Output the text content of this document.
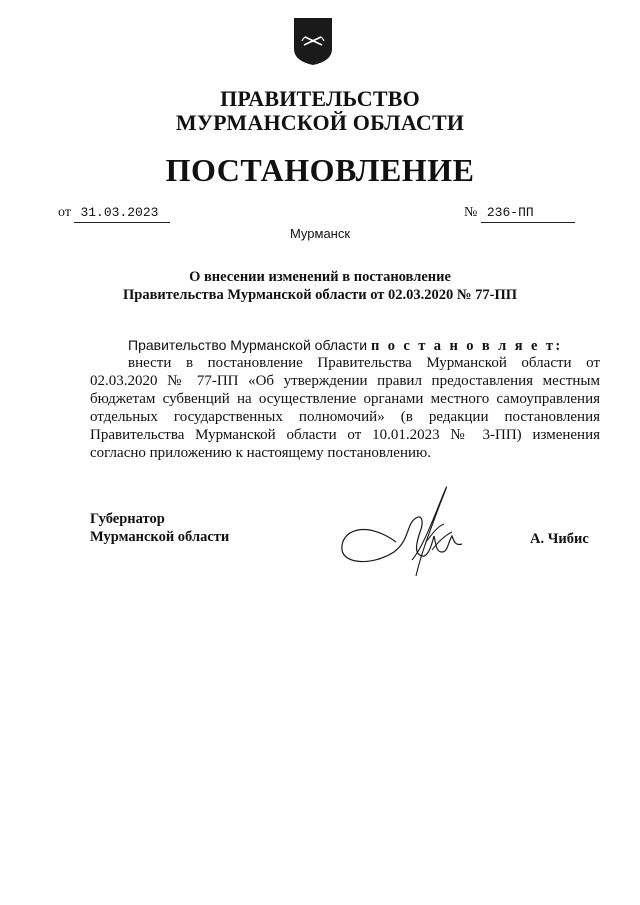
ПРАВИТЕЛЬСТВО
МУРМАНСКОЙ ОБЛАСТИ
ПОСТАНОВЛЕНИЕ
от 31.03.2023	№ 236-ПП
Мурманск
О внесении изменений в постановление
Правительства Мурманской области от 02.03.2020 № 77-ПП
Правительство Мурманской области п о с т а н о в л я е т:
внести в постановление Правительства Мурманской области от 02.03.2020 № 77-ПП «Об утверждении правил предоставления местным бюджетам субвенций на осуществление органами местного самоуправления отдельных государственных полномочий» (в редакции постановления Правительства Мурманской области от 10.01.2023 № 3-ПП) изменения согласно приложению к настоящему постановлению.
Губернатор
Мурманской области	А. Чибис
